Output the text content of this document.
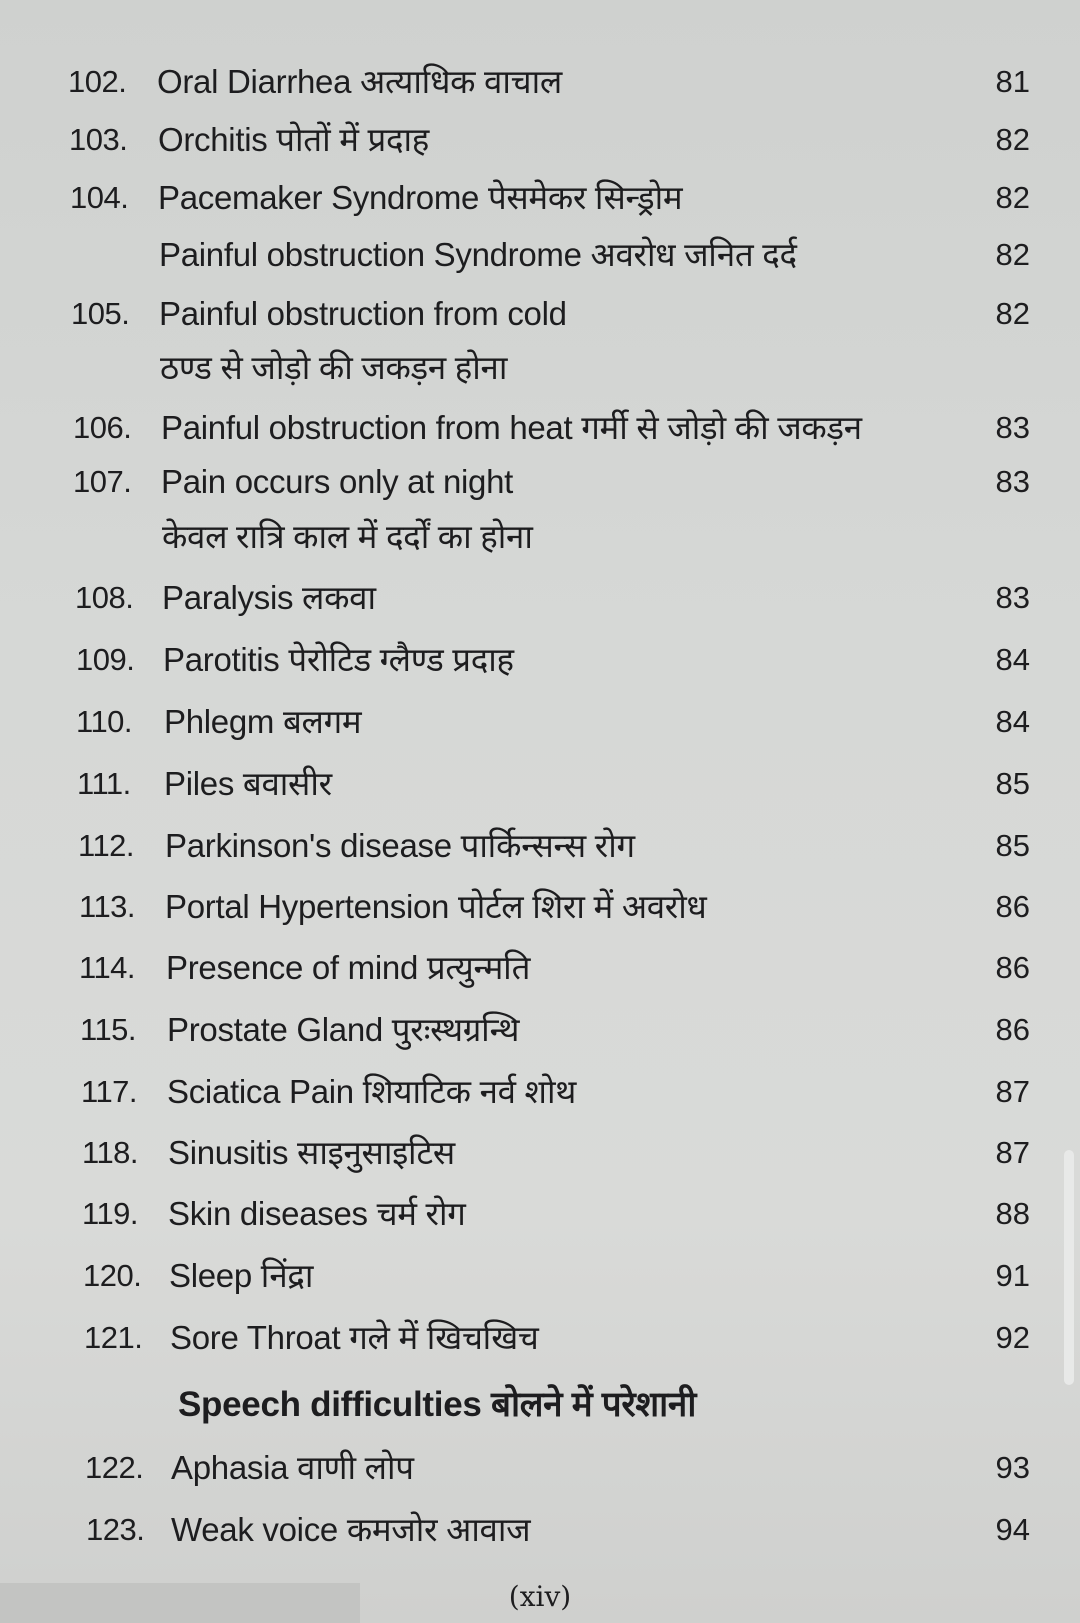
102. Oral Diarrhea अत्याधिक वाचाल	81
103. Orchitis पोतों में प्रदाह	82
104. Pacemaker Syndrome पेसमेकर सिन्ड्रोम	82
Painful obstruction Syndrome अवरोध जनित दर्द	82
105. Painful obstruction from cold	82
ठण्ड से जोड़ो की जकड़न होना
106. Painful obstruction from heat गर्मी से जोड़ो की जकड़न	83
107. Pain occurs only at night	83
केवल रात्रि काल में दर्दों का होना
108. Paralysis लकवा	83
109. Parotitis पेरोटिड ग्लैण्ड प्रदाह	84
110. Phlegm बलगम	84
111.	Piles बवासीर	85
112. Parkinson's disease पार्किन्सन्स रोग	85
113. Portal Hypertension पोर्टल शिरा में अवरोध	86
114. Presence of mind प्रत्युन्मति	86
115. Prostate Gland पुरःस्थग्रन्थि	86
117. Sciatica Pain शियाटिक नर्व शोथ	87
118. Sinusitis साइनुसाइटिस	87
119. Skin diseases चर्म रोग	88
120. Sleep निंद्रा	91
121. Sore Throat गले में खिचखिच	92
Speech difficulties बोलने में परेशानी
122. Aphasia वाणी लोप	93
123. Weak voice कमजोर आवाज	94
(xiv)
